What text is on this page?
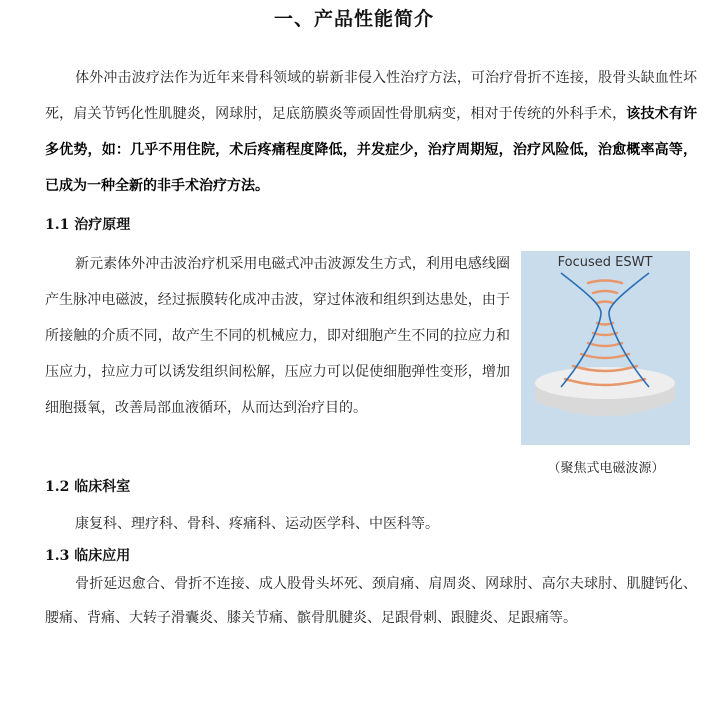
一、产品性能简介
体外冲击波疗法作为近年来骨科领域的崭新非侵入性治疗方法，可治疗骨折不连接，股骨头缺血性坏死，肩关节钙化性肌腱炎，网球肘，足底筋膜炎等顽固性骨肌病变，相对于传统的外科手术，该技术有许多优势，如：几乎不用住院，术后疼痛程度降低，并发症少，治疗周期短，治疗风险低，治愈概率高等，已成为一种全新的非手术治疗方法。
1.1 治疗原理
新元素体外冲击波治疗机采用电磁式冲击波源发生方式，利用电感线圈产生脉冲电磁波，经过振膜转化成冲击波，穿过体液和组织到达患处，由于所接触的介质不同，故产生不同的机械应力，即对细胞产生不同的拉应力和压应力，拉应力可以诱发组织间松解，压应力可以促使细胞弹性变形，增加细胞摄氧，改善局部血液循环，从而达到治疗目的。
Focused ESWT
（聚焦式电磁波源）
1.2 临床科室
康复科、理疗科、骨科、疼痛科、运动医学科、中医科等。
1.3 临床应用
骨折延迟愈合、骨折不连接、成人股骨头坏死、颈肩痛、肩周炎、网球肘、高尔夫球肘、肌腱钙化、腰痛、背痛、大转子滑囊炎、膝关节痛、髌骨肌腱炎、足跟骨刺、跟腱炎、足跟痛等。
